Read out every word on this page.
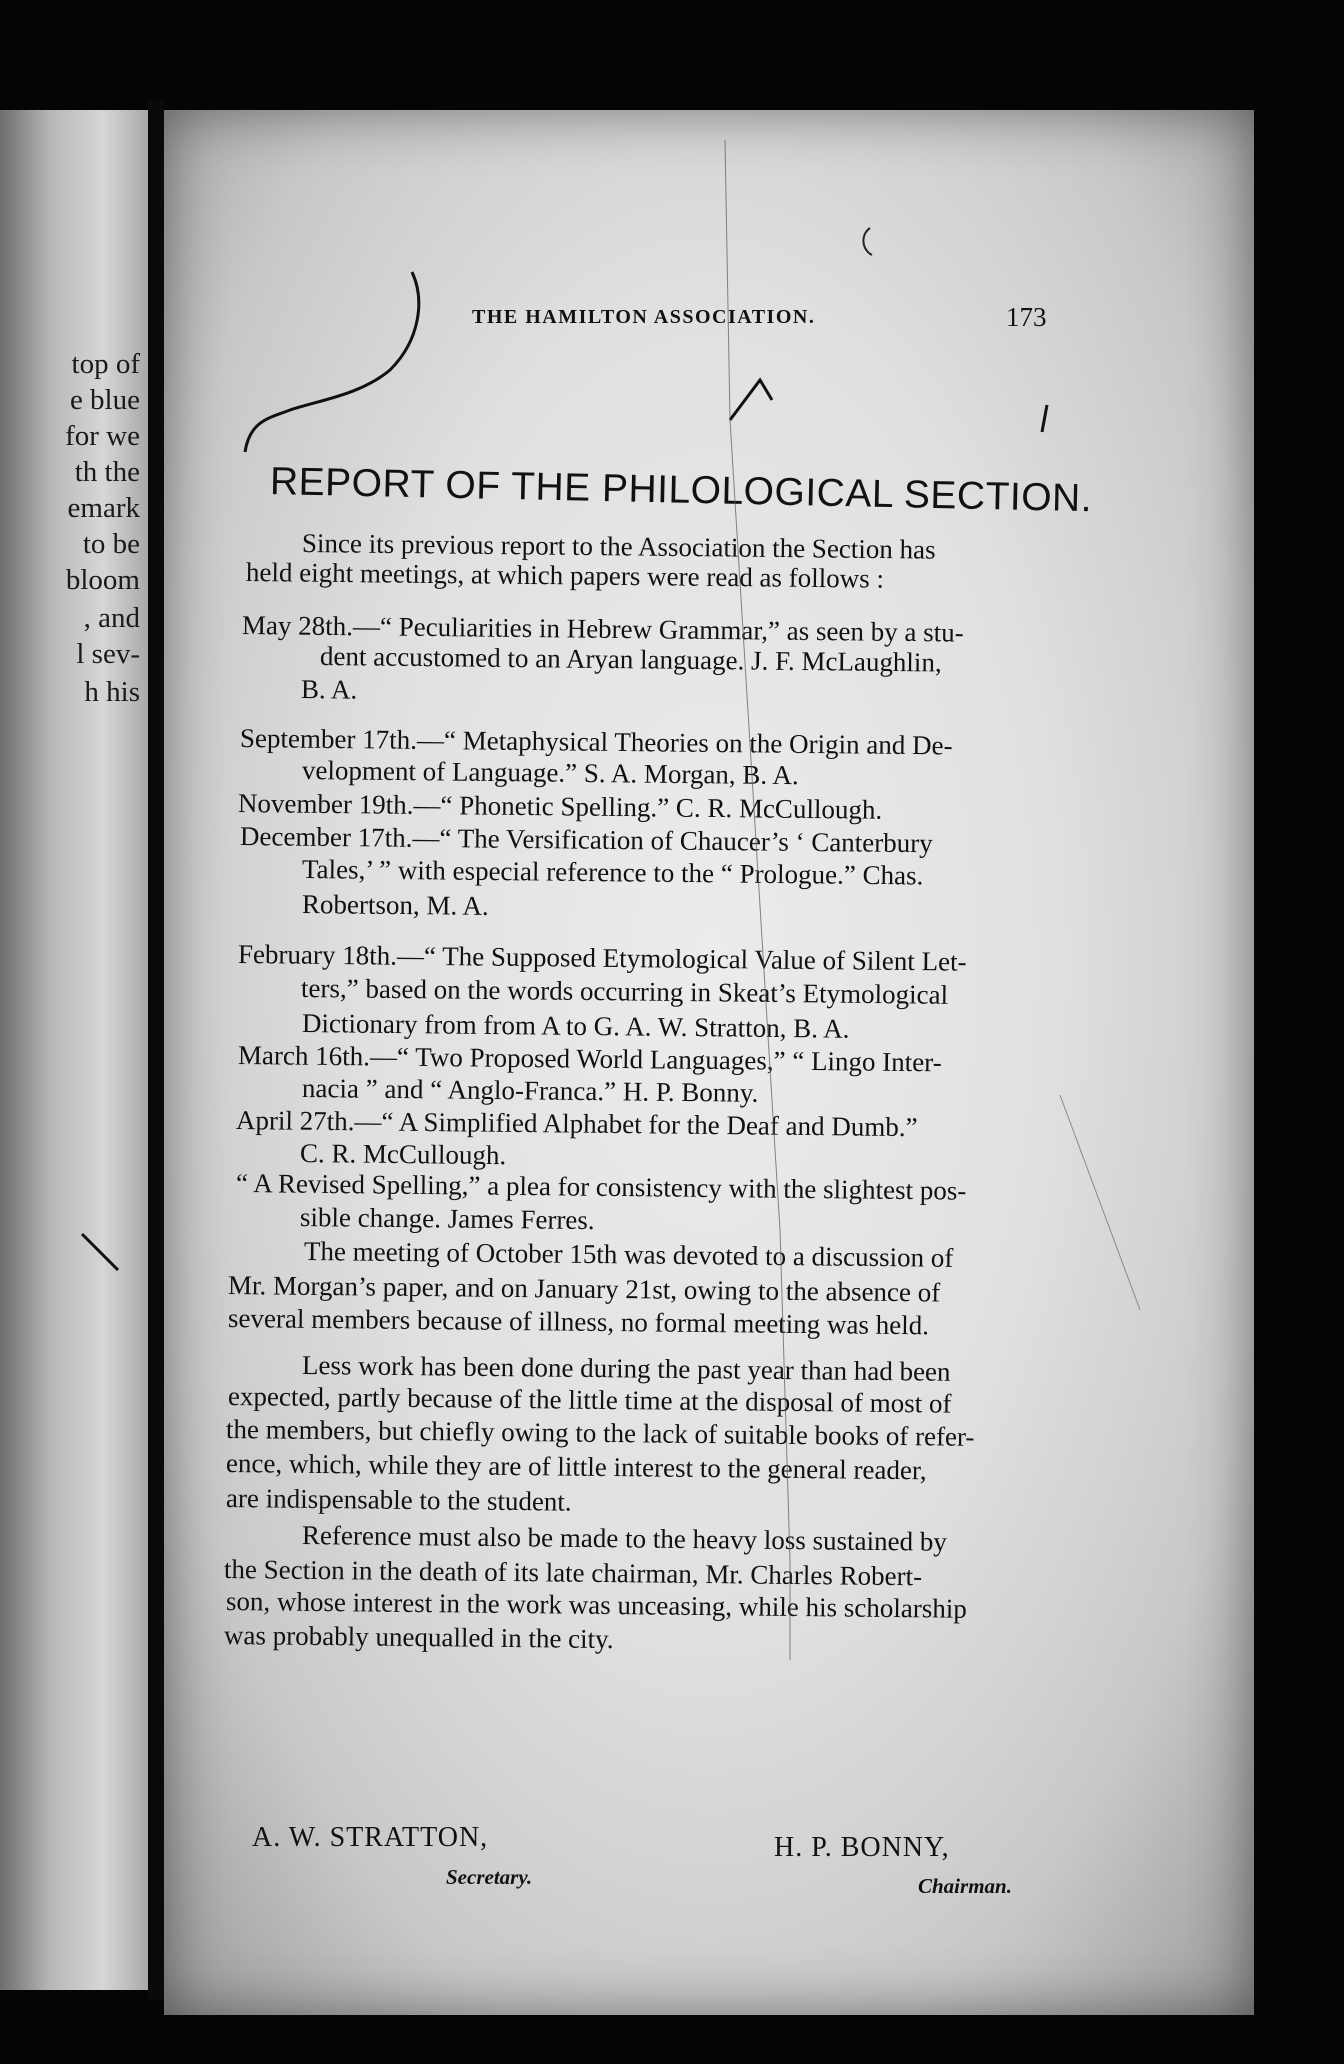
top of
e blue
for we
th the
emark
to be
bloom
, and
l sev-
h his
THE HAMILTON ASSOCIATION.	173
REPORT OF THE PHILOLOGICAL SECTION.
Since its previous report to the Association the Section has
held eight meetings, at which papers were read as follows :
May 28th.—“ Peculiarities in Hebrew Grammar,” as seen by a stu-
dent accustomed to an Aryan language. J. F. McLaughlin,
B. A.
September 17th.—“ Metaphysical Theories on the Origin and De-
velopment of Language.” S. A. Morgan, B. A.
November 19th.—“ Phonetic Spelling.” C. R. McCullough.
December 17th.—“ The Versification of Chaucer’s ‘ Canterbury
Tales,’ ” with especial reference to the “ Prologue.” Chas.
Robertson, M. A.
February 18th.—“ The Supposed Etymological Value of Silent Let-
ters,” based on the words occurring in Skeat’s Etymological
Dictionary from from A to G. A. W. Stratton, B. A.
March 16th.—“ Two Proposed World Languages,” “ Lingo Inter-
nacia ” and “ Anglo-Franca.” H. P. Bonny.
April 27th.—“ A Simplified Alphabet for the Deaf and Dumb.”
C. R. McCullough.
“ A Revised Spelling,” a plea for consistency with the slightest pos-
sible change. James Ferres.
The meeting of October 15th was devoted to a discussion of
Mr. Morgan’s paper, and on January 21st, owing to the absence of
several members because of illness, no formal meeting was held.
Less work has been done during the past year than had been
expected, partly because of the little time at the disposal of most of
the members, but chiefly owing to the lack of suitable books of refer-
ence, which, while they are of little interest to the general reader,
are indispensable to the student.
Reference must also be made to the heavy loss sustained by
the Section in the death of its late chairman, Mr. Charles Robert-
son, whose interest in the work was unceasing, while his scholarship
was probably unequalled in the city.
A. W. STRATTON,
Secretary.
H. P. BONNY,
Chairman.
